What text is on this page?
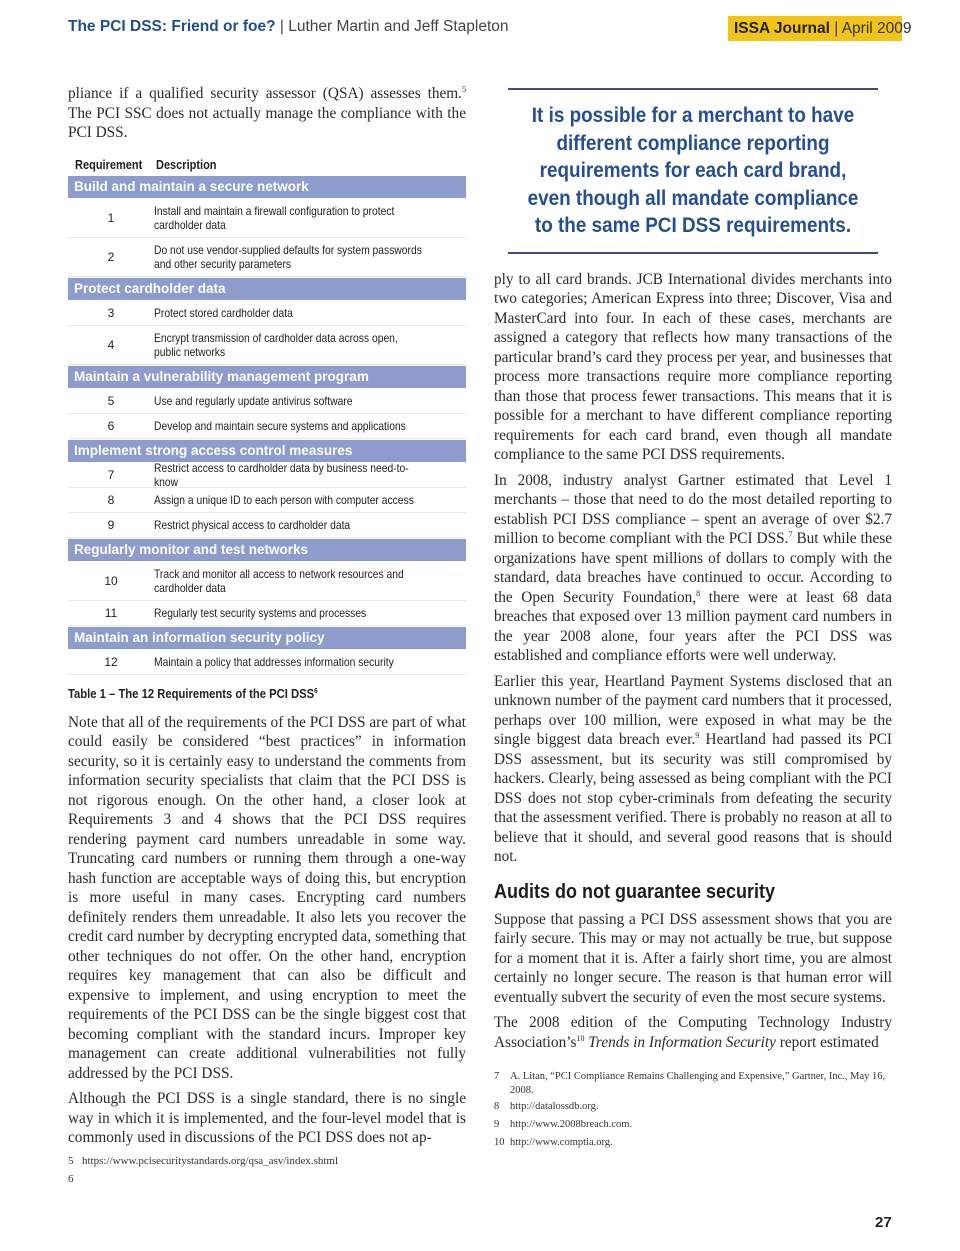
The PCI DSS: Friend or foe? | Luther Martin and Jeff Stapleton	ISSA Journal | April 2009

pliance if a qualified security assessor (QSA) assesses them.$^5$ The PCI SSC does not actually manage the compliance with the PCI DSS.

Requirement	Description
Build and maintain a secure network
1	Install and maintain a firewall configuration to protect cardholder data
2	Do not use vendor-supplied defaults for system passwords and other security parameters
Protect cardholder data
3	Protect stored cardholder data
4	Encrypt transmission of cardholder data across open, public networks
Maintain a vulnerability management program
5	Use and regularly update antivirus software
6	Develop and maintain secure systems and applications
Implement strong access control measures
7	Restrict access to cardholder data by business need-to-know
8	Assign a unique ID to each person with computer access
9	Restrict physical access to cardholder data
Regularly monitor and test networks
10	Track and monitor all access to network resources and cardholder data
11	Regularly test security systems and processes
Maintain an information security policy
12	Maintain a policy that addresses information security
Table 1 – The 12 Requirements of the PCI DSS$^6$

Note that all of the requirements of the PCI DSS are part of what could easily be considered “best practices” in information security, so it is certainly easy to understand the comments from information security specialists that claim that the PCI DSS is not rigorous enough. On the other hand, a closer look at Requirements 3 and 4 shows that the PCI DSS requires rendering payment card numbers unreadable in some way. Truncating card numbers or running them through a one-way hash function are acceptable ways of doing this, but encryption is more useful in many cases. Encrypting card numbers definitely renders them unreadable. It also lets you recover the credit card number by decrypting encrypted data, something that other techniques do not offer. On the other hand, encryption requires key management that can also be difficult and expensive to implement, and using encryption to meet the requirements of the PCI DSS can be the single biggest cost that becoming compliant with the standard incurs. Improper key management can create additional vulnerabilities not fully addressed by the PCI DSS.

Although the PCI DSS is a single standard, there is no single way in which it is implemented, and the four-level model that is commonly used in discussions of the PCI DSS does not ap-

5 https://www.pcisecuritystandards.org/qsa_asv/index.shtml
6
It is possible for a merchant to have different compliance reporting requirements for each card brand, even though all mandate compliance to the same PCI DSS requirements.

ply to all card brands. JCB International divides merchants into two categories; American Express into three; Discover, Visa and MasterCard into four. In each of these cases, merchants are assigned a category that reflects how many transactions of the particular brand’s card they process per year, and businesses that process more transactions require more compliance reporting than those that process fewer transactions. This means that it is possible for a merchant to have different compliance reporting requirements for each card brand, even though all mandate compliance to the same PCI DSS requirements.

In 2008, industry analyst Gartner estimated that Level 1 merchants – those that need to do the most detailed reporting to establish PCI DSS compliance – spent an average of over $2.7 million to become compliant with the PCI DSS.$^7$ But while these organizations have spent millions of dollars to comply with the standard, data breaches have continued to occur. According to the Open Security Foundation,$^8$ there were at least 68 data breaches that exposed over 13 million payment card numbers in the year 2008 alone, four years after the PCI DSS was established and compliance efforts were well underway.

Earlier this year, Heartland Payment Systems disclosed that an unknown number of the payment card numbers that it processed, perhaps over 100 million, were exposed in what may be the single biggest data breach ever.$^9$ Heartland had passed its PCI DSS assessment, but its security was still compromised by hackers. Clearly, being assessed as being compliant with the PCI DSS does not stop cyber-criminals from defeating the security that the assessment verified. There is probably no reason at all to believe that it should, and several good reasons that is should not.

Audits do not guarantee security

Suppose that passing a PCI DSS assessment shows that you are fairly secure. This may or may not actually be true, but suppose for a moment that it is. After a fairly short time, you are almost certainly no longer secure. The reason is that human error will eventually subvert the security of even the most secure systems.

The 2008 edition of the Computing Technology Industry $Association’s^{10}$ Trends in Information Security report estimated

7	A. Litan, “PCI Compliance Remains Challenging and Expensive,” Gartner, Inc., May 16, 2008.
8	http://datalossdb.org.
9	http://www.2008breach.com.
10 http://www.comptia.org.
27
